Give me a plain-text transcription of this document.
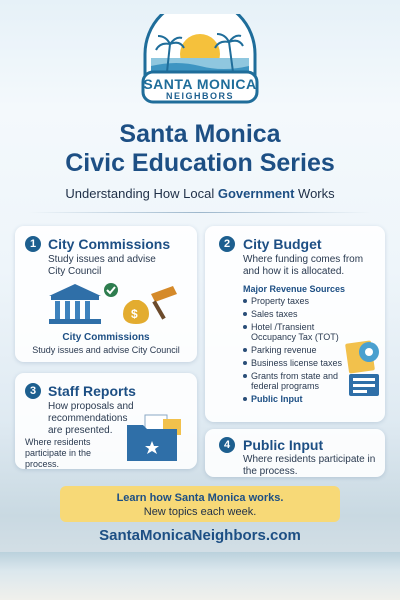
SANTA MONICA
NEIGHBORS
Santa Monica
Civic Education Series
Understanding How Local Government Works
1 City Commissions
Study issues and advise City Council
$
City Commissions
Study issues and advise City Council
2 City Budget
Where funding comes from and how it is allocated.
Major Revenue Sources
Property taxes
Sales taxes
Hotel /Transient Occupancy Tax (TOT)
Parking revenue
Business license taxes
Grants from state and federal programs
Public Input
3 Staff Reports
How proposals and recommendations are presented.
Where residents participate in the process.
4 Public Input
Where residents participate in the process.
Learn how Santa Monica works.
New topics each week.
SantaMonicaNeighbors.com
